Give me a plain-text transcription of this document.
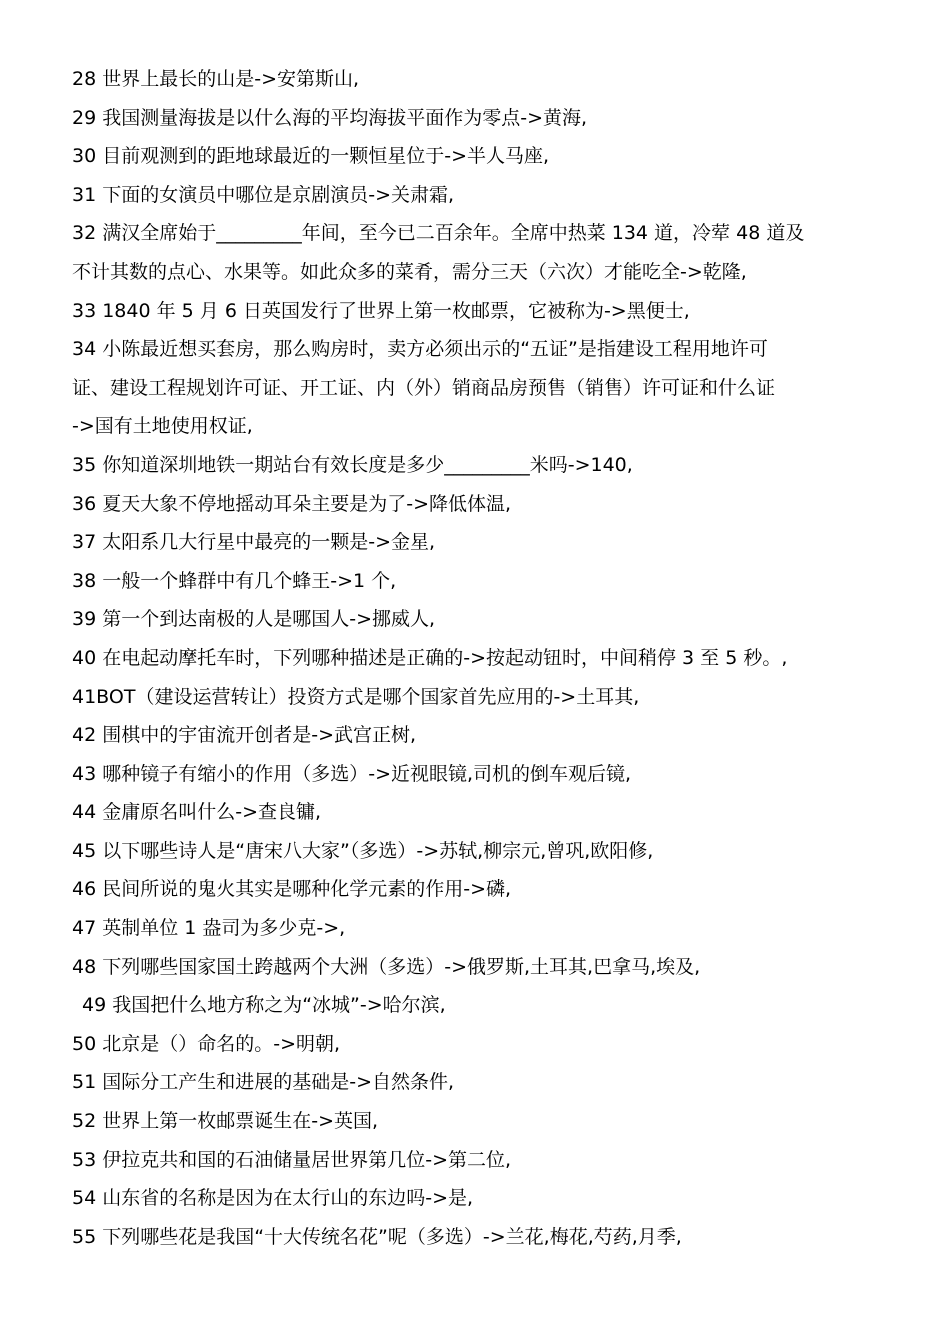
28 世界上最长的山是->安第斯山,
29 我国测量海拔是以什么海的平均海拔平面作为零点->黄海,
30 目前观测到的距地球最近的一颗恒星位于->半人马座,
31 下面的女演员中哪位是京剧演员->关肃霜,
32 满汉全席始于_________年间，至今已二百余年。全席中热菜 134 道，冷荤 48 道及
不计其数的点心、水果等。如此众多的菜肴，需分三天（六次）才能吃全->乾隆,
33 1840 年 5 月 6 日英国发行了世界上第一枚邮票，它被称为->黑便士,
34 小陈最近想买套房，那么购房时，卖方必须出示的“五证”是指建设工程用地许可
证、建设工程规划许可证、开工证、内（外）销商品房预售（销售）许可证和什么证
->国有土地使用权证,
35 你知道深圳地铁一期站台有效长度是多少_________米吗->140,
36 夏天大象不停地摇动耳朵主要是为了->降低体温,
37 太阳系几大行星中最亮的一颗是->金星,
38 一般一个蜂群中有几个蜂王->1 个,
39 第一个到达南极的人是哪国人->挪威人,
40 在电起动摩托车时，下列哪种描述是正确的->按起动钮时，中间稍停 3 至 5 秒。,
41BOT（建设运营转让）投资方式是哪个国家首先应用的->土耳其,
42 围棋中的宇宙流开创者是->武宫正树,
43 哪种镜子有缩小的作用（多选）->近视眼镜,司机的倒车观后镜,
44 金庸原名叫什么->查良镛,
45 以下哪些诗人是“唐宋八大家”（多选）->苏轼,柳宗元,曾巩,欧阳修,
46 民间所说的鬼火其实是哪种化学元素的作用->磷,
47 英制单位 1 盎司为多少克->,
48 下列哪些国家国土跨越两个大洲（多选）->俄罗斯,土耳其,巴拿马,埃及,
49 我国把什么地方称之为“冰城”->哈尔滨,
50 北京是（）命名的。->明朝,
51 国际分工产生和进展的基础是->自然条件,
52 世界上第一枚邮票诞生在->英国,
53 伊拉克共和国的石油储量居世界第几位->第二位,
54 山东省的名称是因为在太行山的东边吗->是,
55 下列哪些花是我国“十大传统名花”呢（多选）->兰花,梅花,芍药,月季,
